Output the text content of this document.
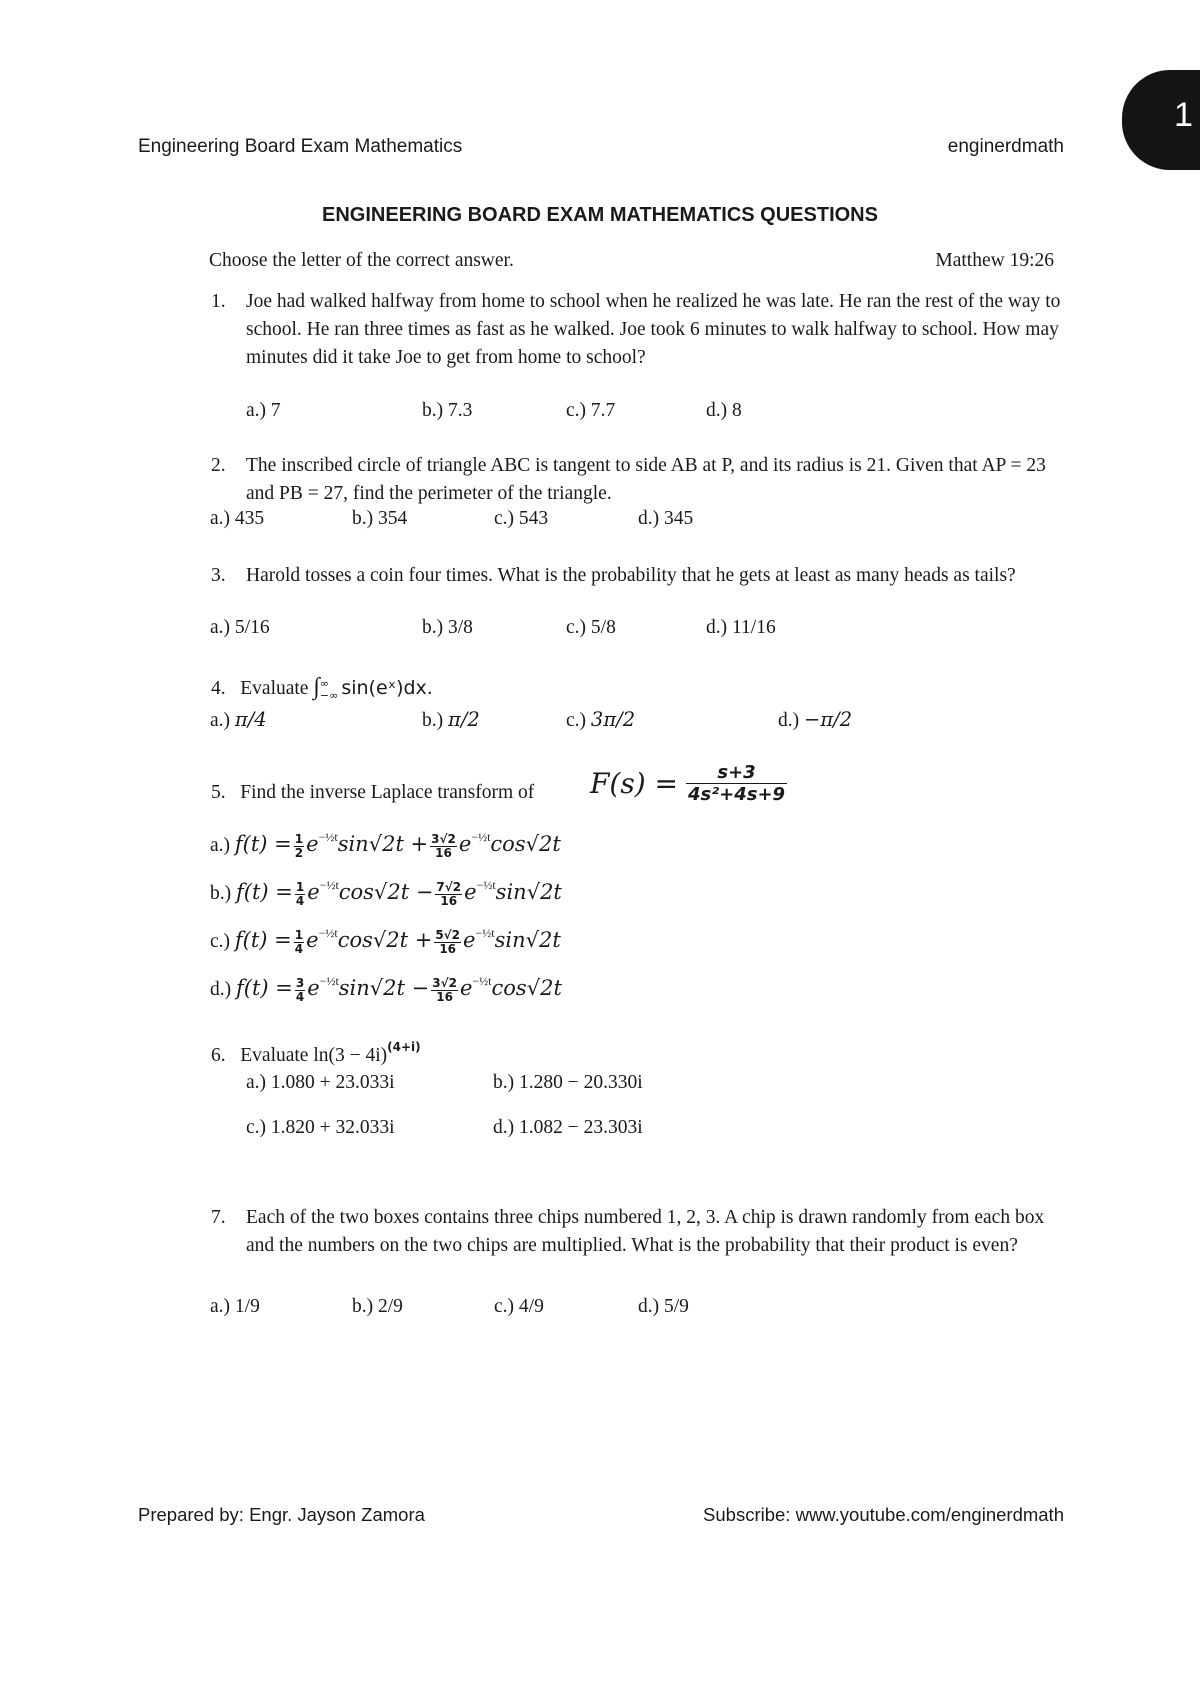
1
Engineering Board Exam Mathematics	enginerdmath
ENGINEERING BOARD EXAM MATHEMATICS QUESTIONS
Choose the letter of the correct answer.	Matthew 19:26
1. Joe had walked halfway from home to school when he realized he was late. He ran the rest of the way to school. He ran three times as fast as he walked. Joe took 6 minutes to walk halfway to school. How may minutes did it take Joe to get from home to school?
a.) 7	b.) 7.3	c.) 7.7	d.) 8
2. The inscribed circle of triangle ABC is tangent to side AB at P, and its radius is 21. Given that AP = 23 and PB = 27, find the perimeter of the triangle.
a.) 435	b.) 354	c.) 543	d.) 345
3. Harold tosses a coin four times. What is the probability that he gets at least as many heads as tails?
a.) 5/16	b.) 3/8	c.) 5/8	d.) 11/16
4. Evaluate ∫ ∞
−∞ sin(eˣ)dx.
a.) π/4	b.) π/2	c.) 3π/2	d.) −π/2
5. Find the inverse Laplace transform of $F(s) = \frac{s+3}{\text{4s²+4s+9}}$
a.) $f(t) = \frac{1}{2} e^{-\frac{1}{2}t}\sin√2t + \frac{3√2}{16} e^{-\frac{1}{2}t}\cos√2t$
b.) $f(t) = \frac{1}{4} e^{-\frac{1}{2}t}\cos√2t - \frac{7√2}{16} e^{-\frac{1}{2}t}\sin√2t$
c.) $f(t) = \frac{1}{4} e^{-\frac{1}{2}t}\cos√2t + \frac{5√2}{16} e^{-\frac{1}{2}t}\sin√2t$
d.) $f(t) = \frac{3}{4} e^{-\frac{1}{2}t}\sin√2t - \frac{3√2}{16} e^{-\frac{1}{2}t}\cos√2t$
6. Evaluate $\ln(3 - 4i)^{(4+i)}$
a.) 1.080 + 23.033i	b.) 1.280 − 20.330i
c.) 1.820 + 32.033i	d.) 1.082 − 23.303i
7. Each of the two boxes contains three chips numbered 1, 2, 3. A chip is drawn randomly from each box and the numbers on the two chips are multiplied. What is the probability that their product is even?
a.) 1/9	b.) 2/9	c.) 4/9	d.) 5/9
Prepared by: Engr. Jayson Zamora	Subscribe: www.youtube.com/enginerdmath
